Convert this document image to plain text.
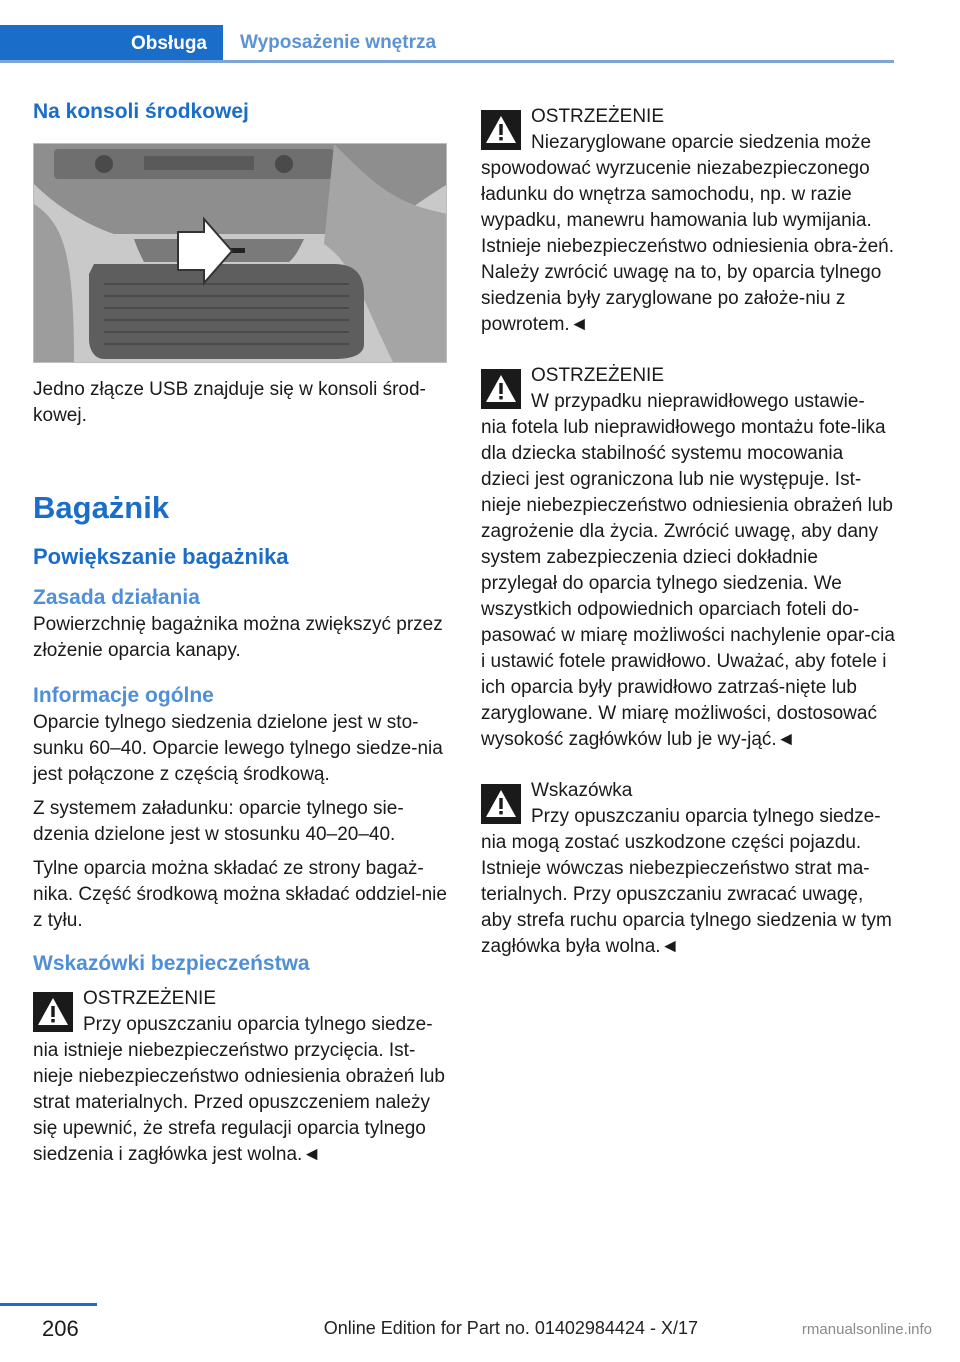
Obsługa	Wyposażenie wnętrza
Na konsoli środkowej
Jedno złącze USB znajduje się w konsoli środ-kowej.
Bagażnik
Powiększanie bagażnika
Zasada działania
Powierzchnię bagażnika można zwiększyć przez złożenie oparcia kanapy.
Informacje ogólne
Oparcie tylnego siedzenia dzielone jest w sto-sunku 60–40. Oparcie lewego tylnego siedze-nia jest połączone z częścią środkową.
Z systemem załadunku: oparcie tylnego sie-dzenia dzielone jest w stosunku 40–20–40.
Tylne oparcia można składać ze strony bagaż-nika. Część środkową można składać oddziel-nie z tyłu.
Wskazówki bezpieczeństwa
OSTRZEŻENIE
Przy opuszczaniu oparcia tylnego siedze-
nia istnieje niebezpieczeństwo przycięcia. Ist-nieje niebezpieczeństwo odniesienia obrażeń lub strat materialnych. Przed opuszczeniem należy się upewnić, że strefa regulacji oparcia tylnego siedzenia i zagłówka jest wolna.◄
OSTRZEŻENIE
Niezaryglowane oparcie siedzenia może
spowodować wyrzucenie niezabezpieczonego ładunku do wnętrza samochodu, np. w razie wypadku, manewru hamowania lub wymijania. Istnieje niebezpieczeństwo odniesienia obra-żeń. Należy zwrócić uwagę na to, by oparcia tylnego siedzenia były zaryglowane po założe-niu z powrotem.◄
OSTRZEŻENIE
W przypadku nieprawidłowego ustawie-
nia fotela lub nieprawidłowego montażu fote-lika dla dziecka stabilność systemu mocowania dzieci jest ograniczona lub nie występuje. Ist-nieje niebezpieczeństwo odniesienia obrażeń lub zagrożenie dla życia. Zwrócić uwagę, aby dany system zabezpieczenia dzieci dokładnie przylegał do oparcia tylnego siedzenia. We wszystkich odpowiednich oparciach foteli do-pasować w miarę możliwości nachylenie opar-cia i ustawić fotele prawidłowo. Uważać, aby fotele i ich oparcia były prawidłowo zatrzaś-nięte lub zaryglowane. W miarę możliwości, dostosować wysokość zagłówków lub je wy-jąć.◄
Wskazówka
Przy opuszczaniu oparcia tylnego siedze-
nia mogą zostać uszkodzone części pojazdu. Istnieje wówczas niebezpieczeństwo strat ma-terialnych. Przy opuszczaniu zwracać uwagę, aby strefa ruchu oparcia tylnego siedzenia w tym zagłówka była wolna.◄
206	Online Edition for Part no. 01402984424 - X/17	rmanualsonline.info
